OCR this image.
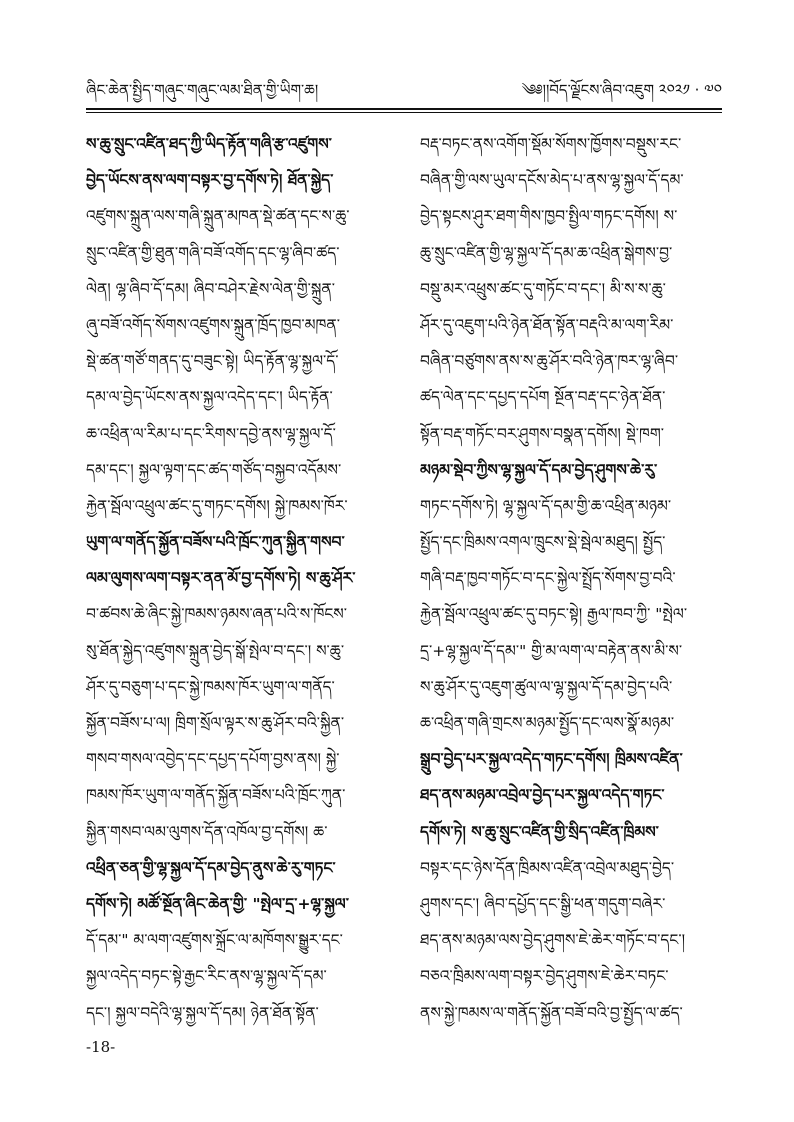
ཞིང་ཆེན་སྤྱིད་གཞུང་གཞུང་ལམ་ཐིན་གྱི་ཡིག་ཆ།	༄༅།།བོད་ལྗོངས་ཞིབ་འཇུག ༢༠༢༡ · ༧༠
ས་ཆུ་སྲུང་འཛིན་ཐད་ཀྱི་ཡིད་རྟོན་གཞི་རྩ་འཛུགས་
བྱེད་ཡོངས་ནས་ལག་བསྟར་བྱ་དགོས་ཏེ། ཐོན་སྐྱེད་
འཛུགས་སྐྲུན་ལས་གཞི་སྐྲུན་མཁན་སྡེ་ཚན་དང་ས་ཆུ་
སྲུང་འཛིན་གྱི་ཐུན་གཞི་བཟོ་འགོད་དང་ལྷ་ཞིབ་ཚད་
ལེན། ལྷ་ཞིབ་དོ་དམ། ཞིབ་བཤེར་རྗེས་ལེན་གྱི་སྐྲུན་
ཞུ་བཟོ་འགོད་སོགས་འཛུགས་སྐྲུན་ཁྲོད་ཁྱབ་མཁན་
སྡེ་ཚན་གཙོ་གནད་དུ་བཟུང་སྟེ། ཡིད་རྟོན་ལྷ་སྐྱལ་དོ་
དམ་ལ་བྱེད་ཡོངས་ནས་སྐྱལ་འདེད་དང་། ཡིད་རྟོན་
ཆ་འཕྲིན་ལ་རིམ་པ་དང་རིགས་དབྱེ་ནས་ལྷ་སྐྱལ་དོ་
དམ་དང་། སྐྱལ་ལྟག་དང་ཚད་གཙོད་བསྐྱབ་འདོམས་
རྐྱེན་སྦོལ་འཕྲུལ་ཚང་དུ་གཏང་དགོས། སྐྱེ་ཁམས་ཁོར་
ཡུག་ལ་གནོད་སྐྱོན་བཟོས་པའི་ཁྲོང་ཀུན་སྐྱིན་གསབ་
ལམ་ལུགས་ལག་བསྟར་ནན་མོ་བྱ་དགོས་ཏེ། ས་ཆུ་ཤོར་
བ་ཚབས་ཆེ་ཞིང་སྐྱེ་ཁམས་ཉམས་ཞན་པའི་ས་ཁོངས་
སུ་ཐོན་སྐྱེད་འཛུགས་སྐྲུན་བྱེད་སྒོ་སྤེལ་བ་དང་། ས་ཆུ་
ཤོར་དུ་བཅུག་པ་དང་སྐྱེ་ཁམས་ཁོར་ཡུག་ལ་གནོད་
སྐྱོན་བཟོས་པ་ལ། ཁྲིག་སྲོལ་ལྟར་ས་ཆུ་ཤོར་བའི་སྐྱིན་
གསབ་གསལ་འབྱེད་དང་དཔྱད་དཔོག་བྱས་ནས། སྐྱེ་
ཁམས་ཁོར་ཡུག་ལ་གནོད་སྐྱོན་བཟོས་པའི་ཁྲོང་ཀུན་
སྐྱིན་གསབ་ལམ་ལུགས་དོན་འཁོལ་བྱ་དགོས། ཆ་
འཕྲིན་ཅན་གྱི་ལྷ་སྐྱལ་དོ་དམ་བྱེད་ནུས་ཆེ་རུ་གཏང་
དགོས་ཏེ། མཚོ་སྔོན་ཞིང་ཆེན་གྱི་ "སྤེལ་དྲ་+ལྷ་སྐྱལ་
དོ་དམ་" མ་ལག་འཛུགས་སྐྲོང་ལ་མཁོགས་སྒྱུར་དང་
སྐྱལ་འདེད་བཏང་སྟེ་རྒྱང་རིང་ནས་ལྷ་སྐྱལ་དོ་དམ་
དང་། སྐྱལ་བདེའི་ལྷ་སྐྱལ་དོ་དམ། ཉེན་ཐོན་སྟོན་
བརྡ་བཏང་ནས་འགོག་སྡོམ་སོགས་ཁྱོགས་བསྡུས་རང་
བཞིན་གྱི་ལས་ཡུལ་དངོས་མེད་པ་ནས་ལྷ་སྐྱལ་དོ་དམ་
བྱེད་སྟངས་ཤུར་ཐག་གིས་ཁྱབ་སྤྱིལ་གཏང་དགོས། ས་
ཆུ་སྲུང་འཛིན་གྱི་ལྷ་སྐྱལ་དོ་དམ་ཆ་འཕྲིན་སྒེགས་བྱ་
བསྡུ་མར་འཕྲུས་ཚང་དུ་གཏོང་བ་དང་། མི་ས་ས་ཆུ་
ཤོར་དུ་འཇུག་པའི་ཉེན་ཐོན་སྟོན་བརྡའི་མ་ལག་རིམ་
བཞིན་བཙུགས་ནས་ས་ཆུ་ཤོར་བའི་ཉེན་ཁར་ལྷ་ཞིབ་
ཚད་ལེན་དང་དཔྱད་དཔོག སྔོན་བརྡ་དང་ཉེན་ཐོན་
སྟོན་བརྡ་གཏོང་བར་ཤུགས་བསྣན་དགོས། སྡེ་ཁག་
མཉམ་སྡེབ་ཀྱིས་ལྷ་སྐྱལ་དོ་དམ་བྱེད་ཤུགས་ཆེ་རུ་
གཏང་དགོས་ཏེ། ལྷ་སྐྱལ་དོ་དམ་གྱི་ཆ་འཕྲིན་མཉམ་
སྤྱོད་དང་ཁྲིམས་འགལ་ཁྲུངས་སྡེ་སྦེལ་མཐུད། སྤྱོད་
གཞི་བརྡ་ཁྱབ་གཏོང་བ་དང་སྐྱེལ་སྤྲོད་སོགས་བྱ་བའི་
རྐྱེན་སྦོལ་འཕྲུལ་ཚང་དུ་བཏང་སྟེ། རྒྱལ་ཁབ་ཀྱི་ "སྤེལ་
དྲ་+ལྷ་སྐྱལ་དོ་དམ་" གྱི་མ་ལག་ལ་བརྟེན་ནས་མི་ས་
ས་ཆུ་ཤོར་དུ་འཇུག་ཚུལ་ལ་ལྷ་སྐྱལ་དོ་དམ་བྱེད་པའི་
ཆ་འཕྲིན་གཞི་གྲངས་མཉམ་སྤྱོད་དང་ལས་སྣོ་མཉམ་
སྒྲུབ་བྱེད་པར་སྐྱལ་འདེད་གཏང་དགོས། ཁྲིམས་འཛིན་
ཐད་ནས་མཉམ་འབྲེལ་བྱེད་པར་སྐྱལ་འདེད་གཏང་
དགོས་ཏེ། ས་ཆུ་སྲུང་འཛིན་གྱི་སྲིད་འཛིན་ཁྲིམས་
བསྟར་དང་ཉེས་དོན་ཁྲིམས་འཛིན་འབྲེལ་མཐུད་བྱེད་
ཤུགས་དང་། ཞིབ་དཔྱོད་དང་སྒྱི་ཕན་གདུག་བཞེར་
ཐད་ནས་མཉམ་ལས་བྱེད་ཤུགས་ཇེ་ཆེར་གཏོང་བ་དང་།
བཅའ་ཁྲིམས་ལག་བསྟར་བྱེད་ཤུགས་ཇེ་ཆེར་བཏང་
ནས་སྐྱེ་ཁམས་ལ་གནོད་སྐྱོན་བཟོ་བའི་བྱ་སྤྱོད་ལ་ཚད་
-18-
